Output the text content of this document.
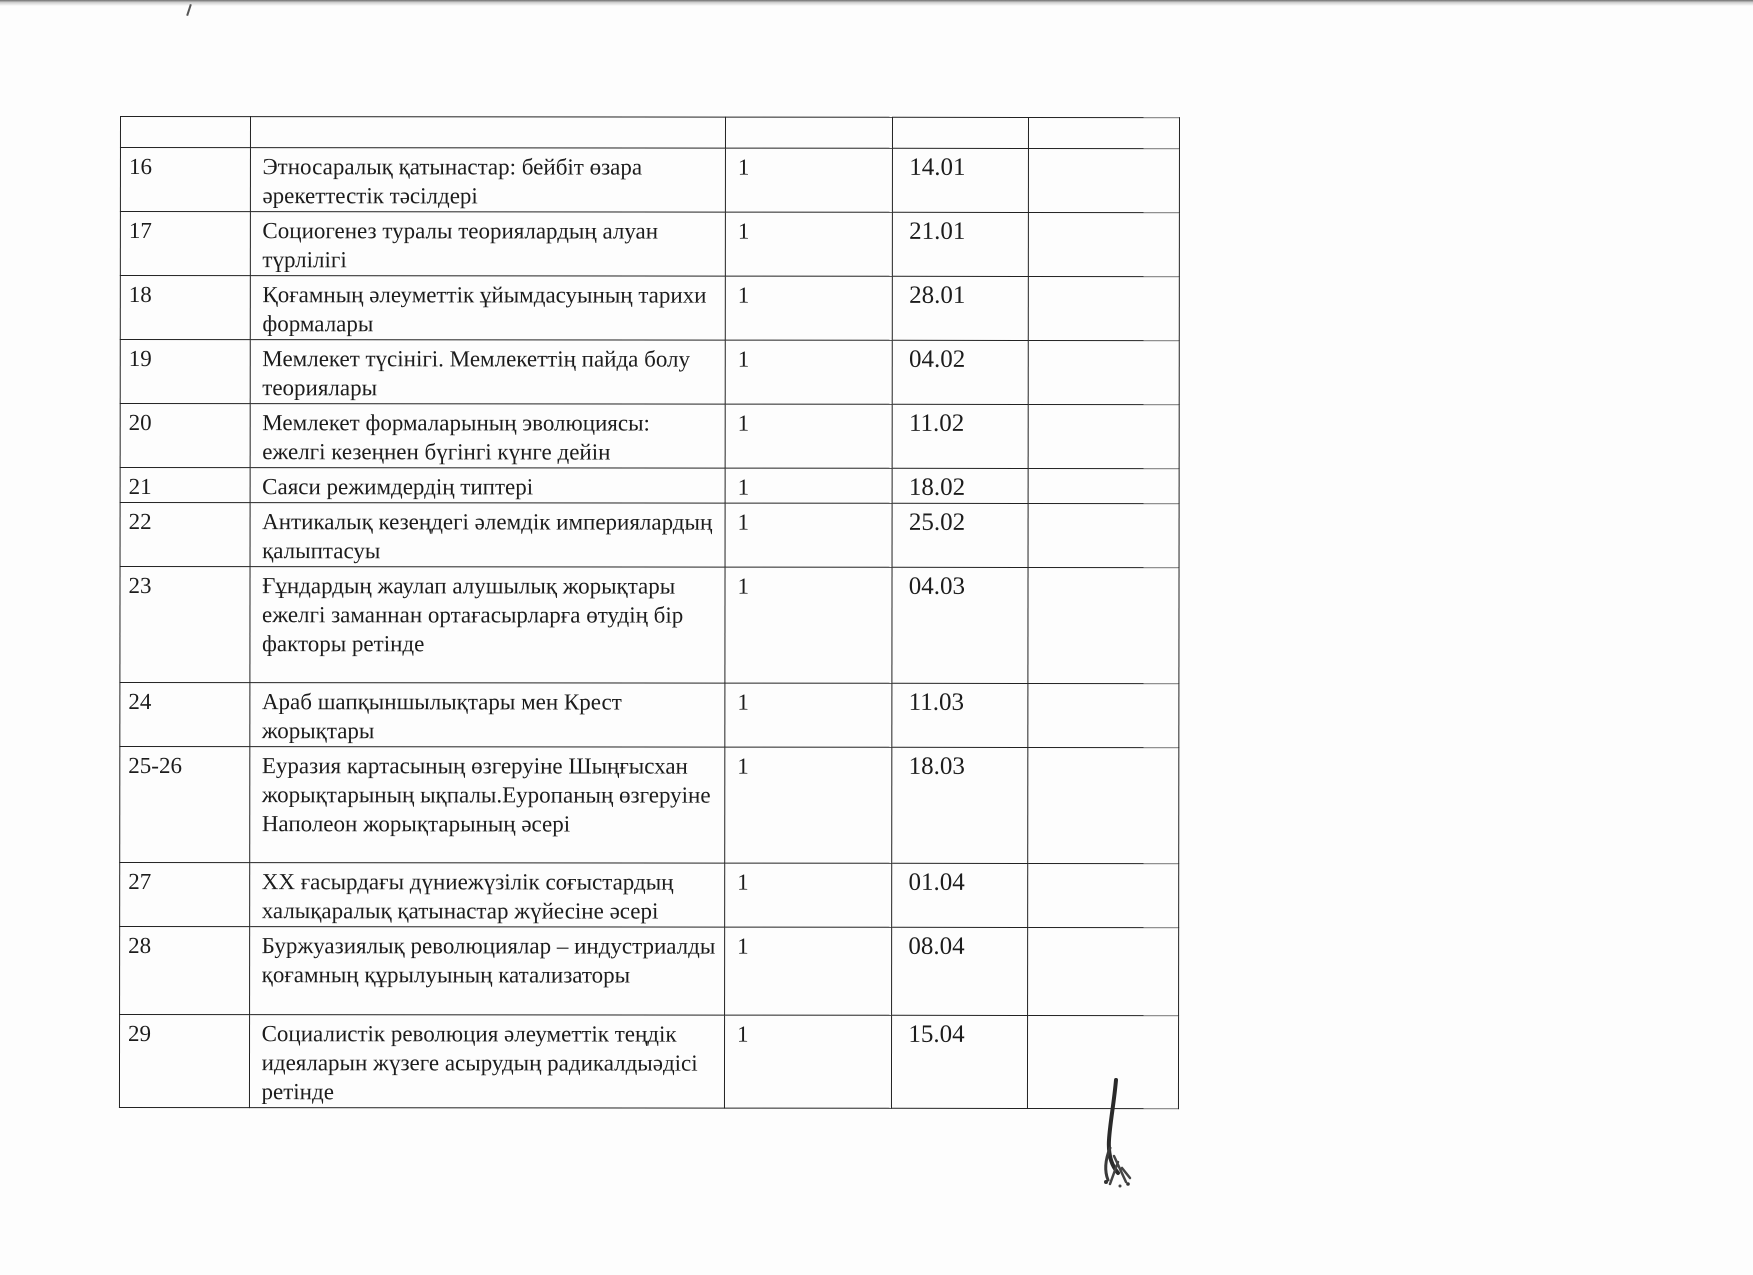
16	Этносаралық қатынастар: бейбіт өзара әрекеттестік тәсілдері	1	14.01	
17	Социогенез туралы теориялардың алуан түрлілігі	1	21.01	
18	Қоғамның әлеуметтік ұйымдасуының тарихи формалары	1	28.01	
19	Мемлекет түсінігі. Мемлекеттің пайда болу теориялары	1	04.02	
20	Мемлекет формаларының эволюциясы: ежелгі кезеңнен бүгінгі күнге дейін	1	11.02	
21	Саяси режимдердің типтері	1	18.02	
22	Антикалық кезеңдегі әлемдік империялардың қалыптасуы	1	25.02	
23	Ғұндардың жаулап алушылық жорықтары ежелгі заманнан ортағасырларға өтудің бір факторы ретінде	1	04.03	
24	Араб шапқыншылықтары мен Крест жорықтары	1	11.03	
25-26	Еуразия картасының өзгеруіне Шыңғысхан жорықтарының ықпалы.Еуропаның өзгеруіне Наполеон жорықтарының әсері	1	18.03	
27	XX ғасырдағы дүниежүзілік соғыстардың халықаралық қатынастар жүйесіне әсері	1	01.04	
28	Буржуазиялық революциялар – индустриалды қоғамның құрылуының катализаторы	1	08.04	
29	Социалистік революция әлеуметтік теңдік идеяларын жүзеге асырудың радикалдыәдісі ретінде	1	15.04	
